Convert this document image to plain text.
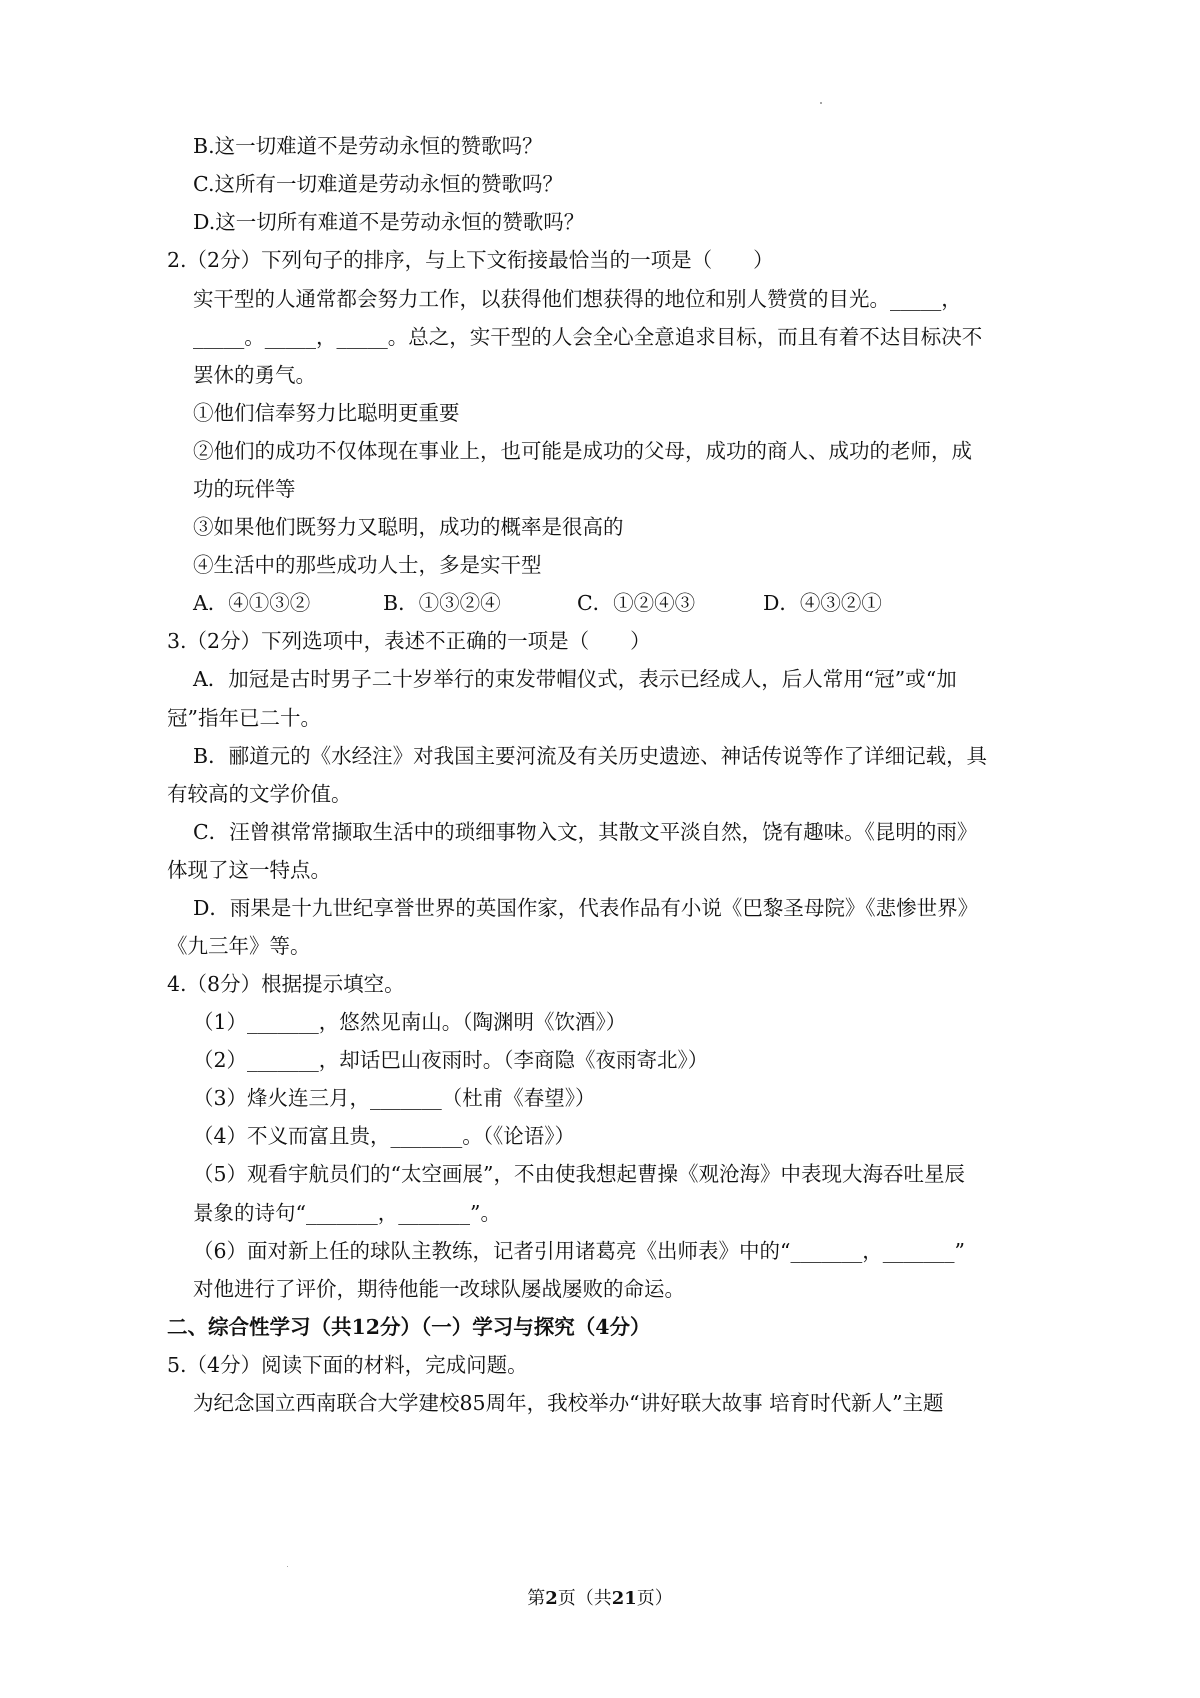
B.这一切难道不是劳动永恒的赞歌吗？
C.这所有一切难道是劳动永恒的赞歌吗？
D.这一切所有难道不是劳动永恒的赞歌吗？
2.（2分）下列句子的排序，与上下文衔接最恰当的一项是（　　）
实干型的人通常都会努力工作，以获得他们想获得的地位和别人赞赏的目光。_____，
_____。_____，_____。总之，实干型的人会全心全意追求目标，而且有着不达目标决不
罢休的勇气。
①他们信奉努力比聪明更重要
②他们的成功不仅体现在事业上，也可能是成功的父母，成功的商人、成功的老师，成
功的玩伴等
③如果他们既努力又聪明，成功的概率是很高的
④生活中的那些成功人士，多是实干型
A．④①③②	B．①③②④	C．①②④③	D．④③②①
3.（2分）下列选项中，表述不正确的一项是（　　）
A．加冠是古时男子二十岁举行的束发带帽仪式，表示已经成人，后人常用“冠”或“加
冠”指年已二十。
B．郦道元的《水经注》对我国主要河流及有关历史遗迹、神话传说等作了详细记载，具
有较高的文学价值。
C．汪曾祺常常撷取生活中的琐细事物入文，其散文平淡自然，饶有趣味。《昆明的雨》
体现了这一特点。
D．雨果是十九世纪享誉世界的英国作家，代表作品有小说《巴黎圣母院》《悲惨世界》
《九三年》等。
4.（8分）根据提示填空。
（1）_______，悠然见南山。（陶渊明《饮酒》）
（2）_______，却话巴山夜雨时。（李商隐《夜雨寄北》）
（3）烽火连三月，_______（杜甫《春望》）
（4）不义而富且贵，_______。（《论语》）
（5）观看宇航员们的“太空画展”，不由使我想起曹操《观沧海》中表现大海吞吐星辰
景象的诗句“_______，_______”。
（6）面对新上任的球队主教练，记者引用诸葛亮《出师表》中的“_______，_______”
对他进行了评价，期待他能一改球队屡战屡败的命运。
二、综合性学习（共12分）（一）学习与探究（4分）
5.（4分）阅读下面的材料，完成问题。
为纪念国立西南联合大学建校85周年，我校举办“讲好联大故事 培育时代新人”主题
第2页（共21页）
